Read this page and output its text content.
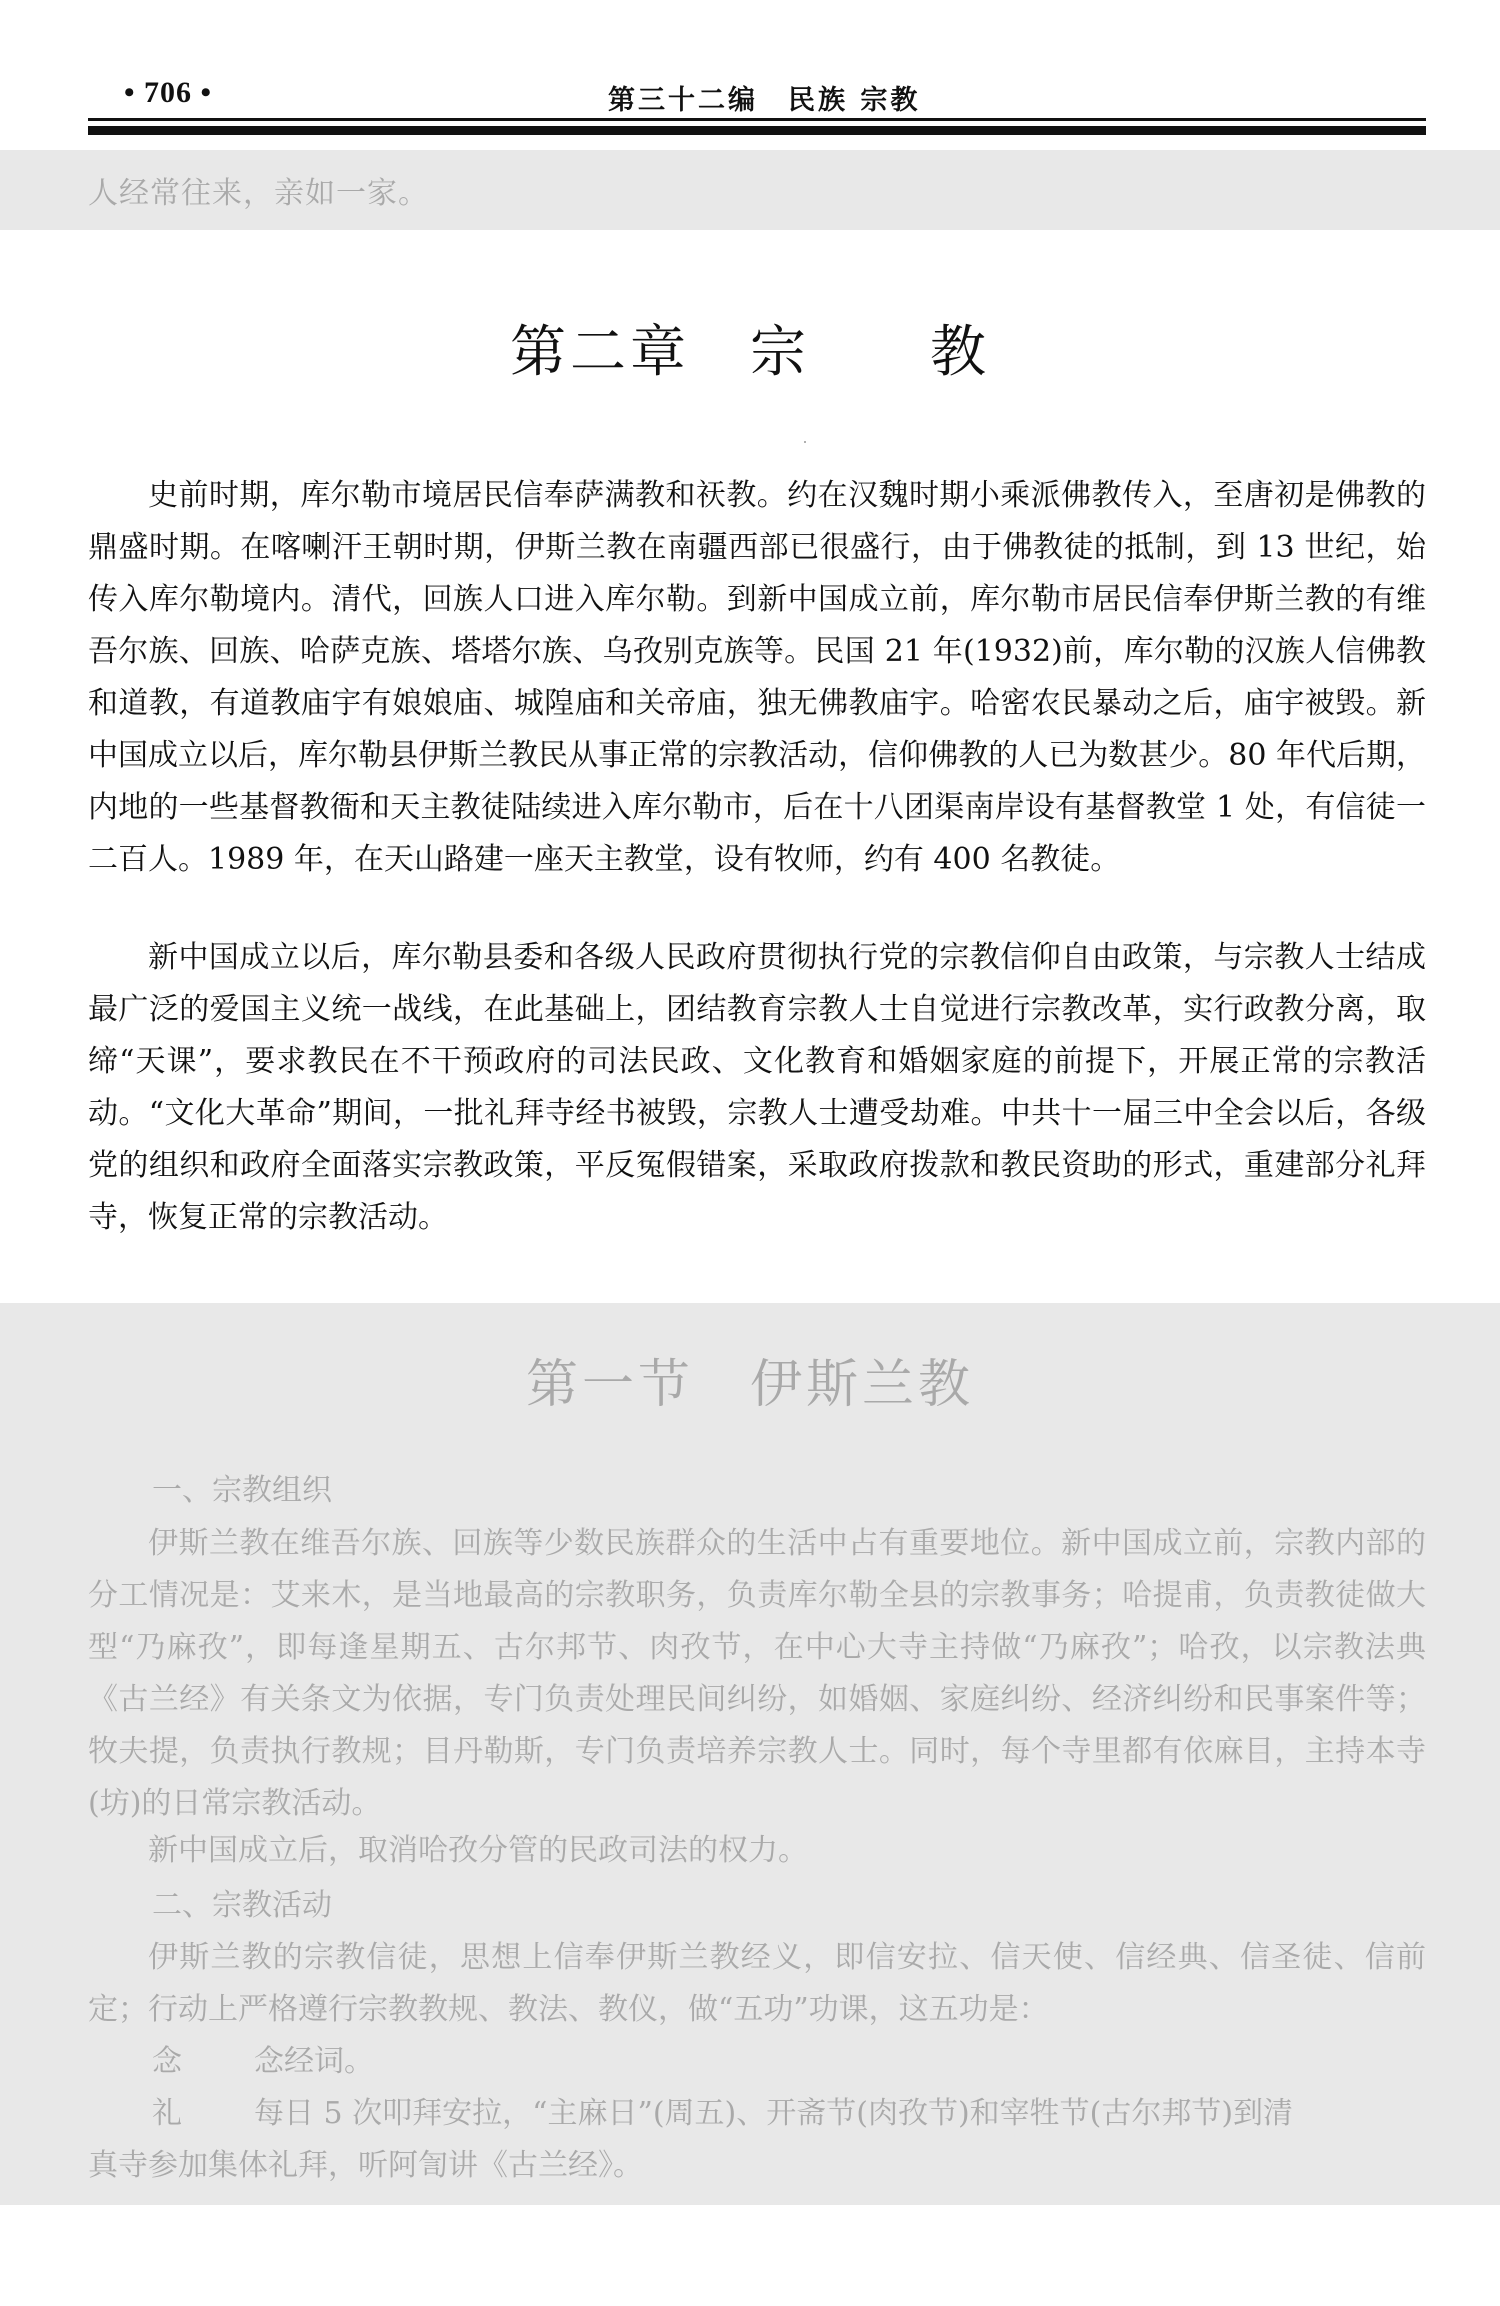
• 706 •	第三十二编　民族 宗教
人经常往来，亲如一家。
第二章　宗　　教

史前时期，库尔勒市境居民信奉萨满教和祆教。约在汉魏时期小乘派佛教传入，至唐初是佛教的鼎盛时期。在喀喇汗王朝时期，伊斯兰教在南疆西部已很盛行，由于佛教徒的抵制，到 13 世纪，始传入库尔勒境内。清代，回族人口进入库尔勒。到新中国成立前，库尔勒市居民信奉伊斯兰教的有维吾尔族、回族、哈萨克族、塔塔尔族、乌孜别克族等。民国 21 年(1932)前，库尔勒的汉族人信佛教和道教，有道教庙宇有娘娘庙、城隍庙和关帝庙，独无佛教庙宇。哈密农民暴动之后，庙宇被毁。新中国成立以后，库尔勒县伊斯兰教民从事正常的宗教活动，信仰佛教的人已为数甚少。80 年代后期，内地的一些基督教衙和天主教徒陆续进入库尔勒市，后在十八团渠南岸设有基督教堂 1 处，有信徒一二百人。1989 年，在天山路建一座天主教堂，设有牧师，约有 400 名教徒。

新中国成立以后，库尔勒县委和各级人民政府贯彻执行党的宗教信仰自由政策，与宗教人士结成最广泛的爱国主义统一战线，在此基础上，团结教育宗教人士自觉进行宗教改革，实行政教分离，取缔“天课”，要求教民在不干预政府的司法民政、文化教育和婚姻家庭的前提下，开展正常的宗教活动。“文化大革命”期间，一批礼拜寺经书被毁，宗教人士遭受劫难。中共十一届三中全会以后，各级党的组织和政府全面落实宗教政策，平反冤假错案，采取政府拨款和教民资助的形式，重建部分礼拜寺，恢复正常的宗教活动。

第一节　伊斯兰教
一、宗教组织

伊斯兰教在维吾尔族、回族等少数民族群众的生活中占有重要地位。新中国成立前，宗教内部的分工情况是：艾来木，是当地最高的宗教职务，负责库尔勒全县的宗教事务；哈提甫，负责教徒做大型“乃麻孜”，即每逢星期五、古尔邦节、肉孜节，在中心大寺主持做“乃麻孜”；哈孜，以宗教法典《古兰经》有关条文为依据，专门负责处理民间纠纷，如婚姻、家庭纠纷、经济纠纷和民事案件等；牧夫提，负责执行教规；目丹勒斯，专门负责培养宗教人士。同时，每个寺里都有依麻目，主持本寺(坊)的日常宗教活动。

新中国成立后，取消哈孜分管的民政司法的权力。

二、宗教活动

伊斯兰教的宗教信徒，思想上信奉伊斯兰教经义，即信安拉、信天使、信经典、信圣徒、信前定；行动上严格遵行宗教教规、教法、教仪，做“五功”功课，这五功是：

念 念经词。
礼 每日 5 次叩拜安拉，“主麻日”(周五)、开斋节(肉孜节)和宰牲节(古尔邦节)到清
真寺参加集体礼拜，听阿訇讲《古兰经》。
